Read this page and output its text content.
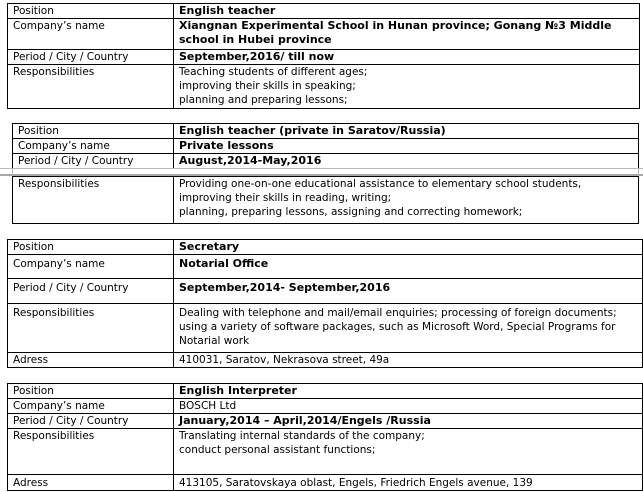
Position	English teacher
Company’s name	Xiangnan Experimental School in Hunan province; Gonang №3 Middle
school in Hubei province

Period / City / Country	September,2016/ till now
Responsibilities	Teaching students of different ages;
improving their skills in speaking;
planning and preparing lessons;
Position	English teacher (private in Saratov/Russia)
Company’s name	Private lessons
Period / City / Country	August,2014-May,2016
Responsibilities	Providing one-on-one educational assistance to elementary school students,
improving their skills in reading, writing;
planning, preparing lessons, assigning and correcting homework;
Position	Secretary
Company’s name	Notarial Office
Period / City / Country	September,2014- September,2016
Responsibilities	Dealing with telephone and mail/email enquiries; processing of foreign documents;
using a variety of software packages, such as Microsoft Word, Special Programs for
Notarial work

Adress	410031, Saratov, Nekrasova street, 49a
Position	English Interpreter
Company’s name	BOSCH Ltd
Period / City / Country	January,2014 – April,2014/Engels /Russia
Responsibilities	Translating internal standards of the company;
conduct personal assistant functions;

Adress	413105, Saratovskaya oblast, Engels, Friedrich Engels avenue, 139
